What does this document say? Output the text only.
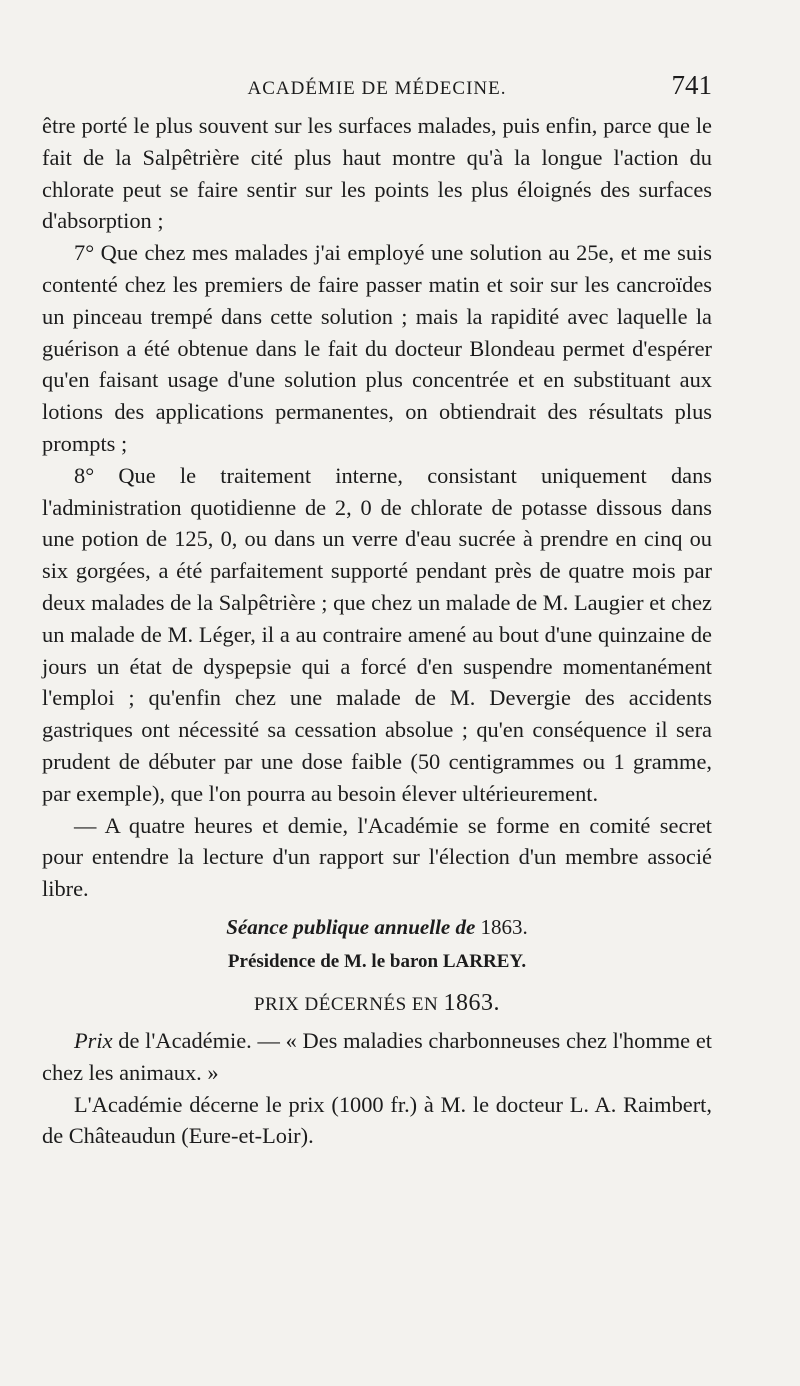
ACADÉMIE DE MÉDECINE.	741

être porté le plus souvent sur les surfaces malades, puis enfin, parce que le fait de la Salpêtrière cité plus haut montre qu'à la longue l'action du chlorate peut se faire sentir sur les points les plus éloignés des surfaces d'absorption ;

7° Que chez mes malades j'ai employé une solution au 25e, et me suis contenté chez les premiers de faire passer matin et soir sur les cancroïdes un pinceau trempé dans cette solution ; mais la rapidité avec laquelle la guérison a été obtenue dans le fait du docteur Blondeau permet d'espérer qu'en faisant usage d'une solution plus concentrée et en substituant aux lotions des applications permanentes, on obtiendrait des résultats plus prompts ;

8° Que le traitement interne, consistant uniquement dans l'administration quotidienne de 2, 0 de chlorate de potasse dissous dans une potion de 125, 0, ou dans un verre d'eau sucrée à prendre en cinq ou six gorgées, a été parfaitement supporté pendant près de quatre mois par deux malades de la Salpêtrière ; que chez un malade de M. Laugier et chez un malade de M. Léger, il a au contraire amené au bout d'une quinzaine de jours un état de dyspepsie qui a forcé d'en suspendre momentanément l'emploi ; qu'enfin chez une malade de M. Devergie des accidents gastriques ont nécessité sa cessation absolue ; qu'en conséquence il sera prudent de débuter par une dose faible (50 centigrammes ou 1 gramme, par exemple), que l'on pourra au besoin élever ultérieurement.

— A quatre heures et demie, l'Académie se forme en comité secret pour entendre la lecture d'un rapport sur l'élection d'un membre associé libre.

Séance publique annuelle de 1863.
Présidence de M. le baron LARREY.
PRIX DÉCERNÉS EN 1863.

Prix de l'Académie. — « Des maladies charbonneuses chez l'homme et chez les animaux. »

L'Académie décerne le prix (1000 fr.) à M. le docteur L. A. Raimbert, de Châteaudun (Eure-et-Loir).
